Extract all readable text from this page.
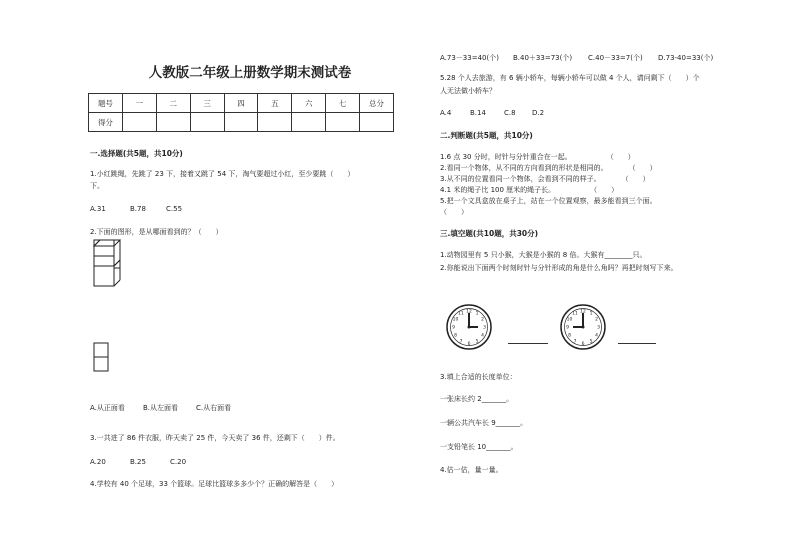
人教版二年级上册数学期末测试卷
题号	一	二	三	四	五	六	七	总分
得分								
一.选择题(共5题，共10分)
1.小红跳绳，先跳了 23 下，接着又跳了 54 下，淘气要超过小红，至少要跳（　　）
下。
A.31	B.78	C.55
2.下面的图形，是从哪面看到的？（　　）
A.从正面看	B.从左面看	C.从右面看
3.一共进了 86 件衣服，昨天卖了 25 件，今天卖了 36 件，还剩下（　　）件。
A.20	B.25	C.20
4.学校有 40 个足球，33 个篮球。足球比篮球多多少个？正确的解答是（　　）
A.73－33=40(个) B.40＋33=73(个) C.40－33=7(个) D.73-40=33(个)
5.28 个人去旅游，有 6 辆小轿车，每辆小轿车可以做 4 个人，请问剩下（　　）个
人无法做小轿车？
A.4	B.14	C.8 D.2
二.判断题(共5题，共10分)
1.6 点 30 分时，时针与分针重合在一起。　　　　　　（　　）
2.看同一个物体，从不同的方向看到的形状是相同的。　　　　（　　）
3.从不同的位置看同一个物体，会看到不同的样子。　　　　（　　）
4.1 米的绳子比 100 厘米的绳子长。　　　　　　（　　）
5.把一个文具盒放在桌子上，站在一个位置观察，最多能看到三个面。
（　　）
三.填空题(共10题，共30分)
1.动物园里有 5 只小猴，大猴是小猴的 8 倍。大猴有________只。
2.你能说出下面两个时刻时针与分针形成的角是什么角吗？再把时刻写下来。
12 1
2
3
4
5
6
7
8
9
10
11	12 1
2
3
4
5
6
7
8
9
10
11
3.填上合适的长度单位：
一张床长约 2_______。
一辆公共汽车长 9_______。
一支铅笔长 10_______。
4.估一估，量一量。
